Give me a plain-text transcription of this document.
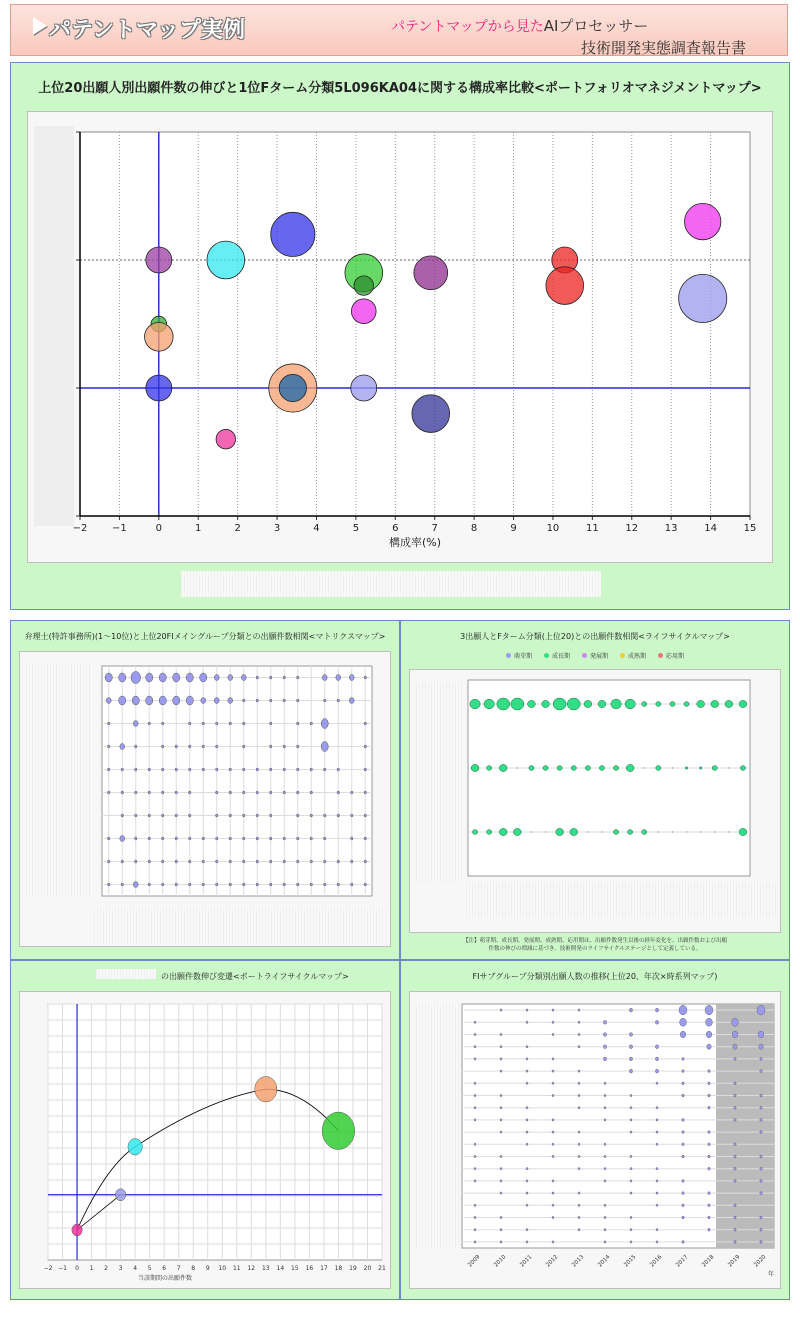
パテントマップ実例	パテントマップから見たAIプロセッサー
技術開発実態調査報告書
上位20出願人別出願件数の伸びと1位Fターム分類5L096KA04に関する構成率比較<ポートフォリオマネジメントマップ>
−2 −1	0	1	2	3	4	5	6	7	8	9	10	11	12	13	14	15
構成率(%)
弁理士(特許事務所)(1〜10位)と上位20FIメイングループ分類との出願件数相関<マトリクスマップ>	3出願人とFターム分類(上位20)との出願件数相関<ライフサイクルマップ>
萌芽期	成長期	発展期	成熟期	応用期
【注】萌芽期、成長期、発展期、成熟期、応用期は、出願件数発生以後の経年変化を、出願件数および出願件数の伸びの増減に基づき、技術開発のライフサイクルステージとして定義している。
の出願件数伸び変遷<ポートライフサイクルマップ>
−2 −1 0 1 2 3 4 5 6 7 8 9 10 11 12 13 14 15 16 17 18 19 20 21
当該期間の出願件数
FIサブグループ分類別出願人数の推移(上位20、年次×時系列マップ)
2009 2010 2011 2012 2013 2014 2015 2016 2017 2018 2019 2020
年
